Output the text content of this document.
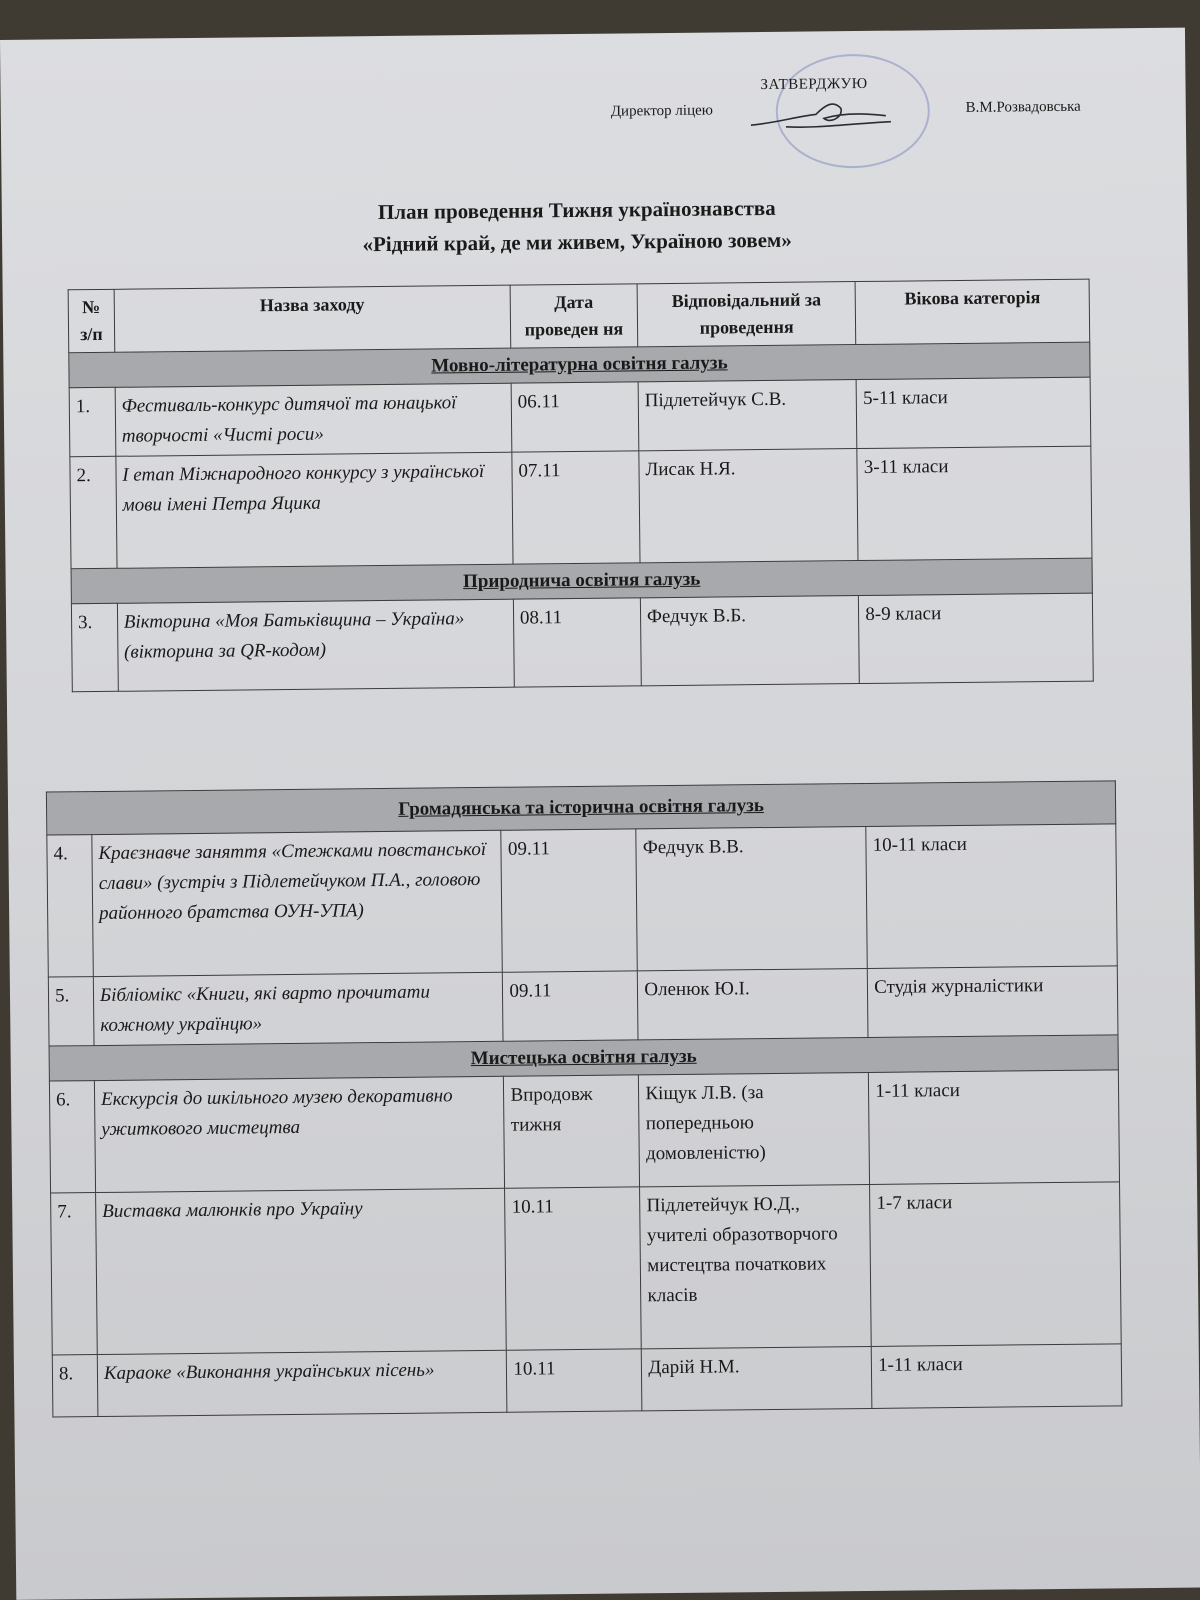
ЗАТВЕРДЖУЮ
Директор ліцею	В.М.Розвадовська
План проведення Тижня українознавства
«Рідний край, де ми живем, Україною зовем»
№ з/п	Назва заходу	Дата проведен ня	Відповідальний за проведення	Вікова категорія
Мовно-літературна освітня галузь				
1.	Фестиваль-конкурс дитячої та юнацької творчості «Чисті роси»	06.11	Підлетейчук С.В.	5-11 класи
2.	І етап Міжнародного конкурсу з української мови імені Петра Яцика	07.11	Лисак Н.Я.	3-11 класи
Природнича освітня галузь				
3.	Вікторина «Моя Батьківщина – Україна» (вікторина за QR-кодом)	08.11	Федчук В.Б.	8-9 класи
Громадянська та історична освітня галузь				
4.	Краєзнавче заняття «Стежками повстанської слави» (зустріч з Підлетейчуком П.А., головою районного братства ОУН-УПА)	09.11	Федчук В.В.	10-11 класи
5.	Бібліомікс «Книги, які варто прочитати кожному українцю»	09.11	Оленюк Ю.І.	Студія журналістики
Мистецька освітня галузь				
6.	Екскурсія до шкільного музею декоративно ужиткового мистецтва	Впродовж тижня	Кіщук Л.В. (за попередньою домовленістю)	1-11 класи
7.	Виставка малюнків про Україну	10.11	Підлетейчук Ю.Д., учителі образотворчого мистецтва початкових класів	1-7 класи
8.	Караоке «Виконання українських пісень»	10.11	Дарій Н.М.	1-11 класи
